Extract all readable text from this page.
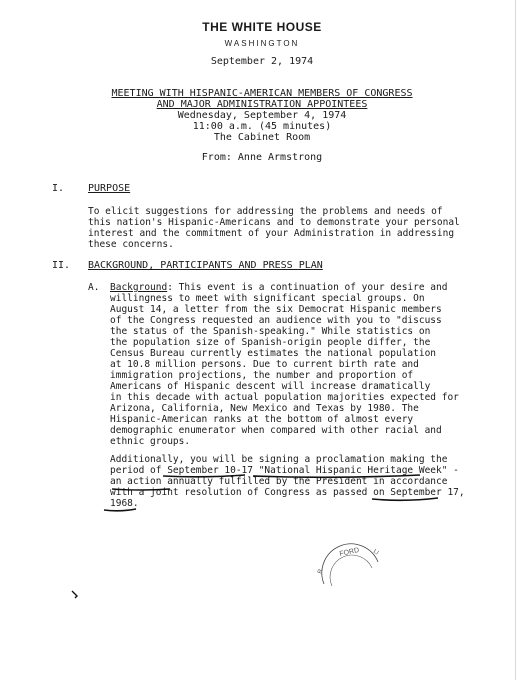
THE WHITE HOUSE
WASHINGTON
September 2, 1974
MEETING WITH HISPANIC-AMERICAN MEMBERS OF CONGRESS
AND MAJOR ADMINISTRATION APPOINTEES
Wednesday, September 4, 1974
11:00 a.m. (45 minutes)
The Cabinet Room
From: Anne Armstrong
I. PURPOSE
To elicit suggestions for addressing the problems and needs of
this nation's Hispanic-Americans and to demonstrate your personal
interest and the commitment of your Administration in addressing
these concerns.
II. BACKGROUND, PARTICIPANTS AND PRESS PLAN
A. Background: This event is a continuation of your desire and
willingness to meet with significant special groups. On
August 14, a letter from the six Democrat Hispanic members
of the Congress requested an audience with you to "discuss
the status of the Spanish-speaking." While statistics on
the population size of Spanish-origin people differ, the
Census Bureau currently estimates the national population
at 10.8 million persons. Due to current birth rate and
immigration projections, the number and proportion of
Americans of Hispanic descent will increase dramatically
in this decade with actual population majorities expected for
Arizona, California, New Mexico and Texas by 1980. The
Hispanic-American ranks at the bottom of almost every
demographic enumerator when compared with other racial and
ethnic groups.
Additionally, you will be signing a proclamation making the
period of September 10-17 "National Hispanic Heritage Week" -
an action annually fulfilled by the President in accordance
with a joint resolution of Congress as passed on September 17,
1968.
FORD
R.
LI
